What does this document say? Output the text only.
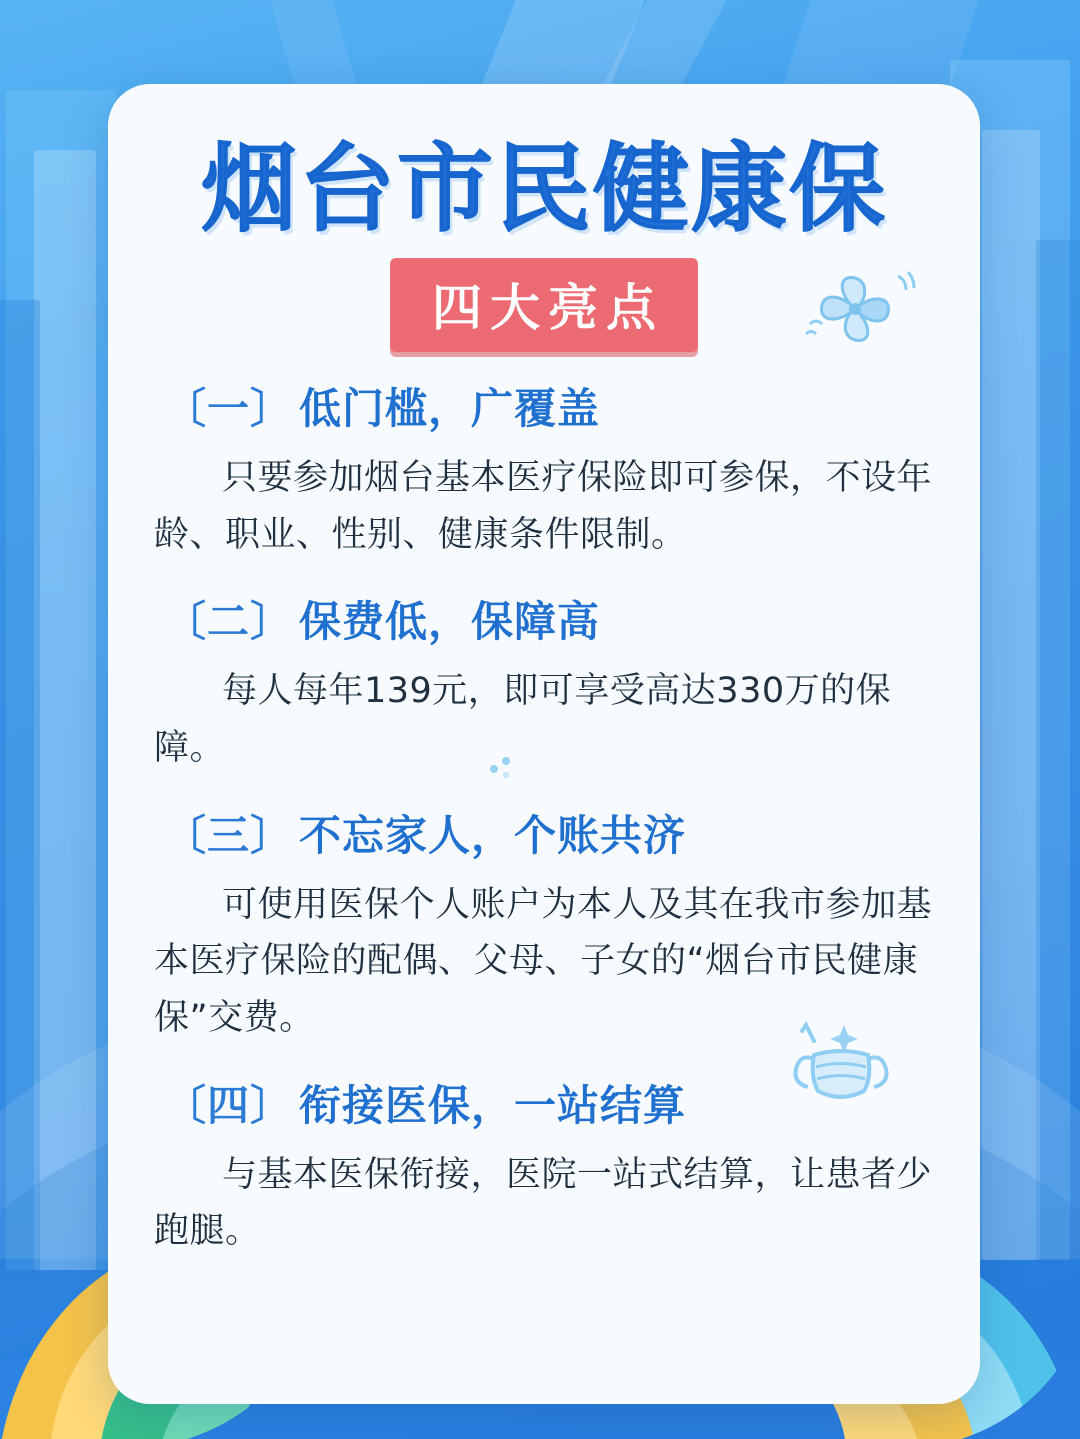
烟台市民健康保
四大亮点
〔一〕 低门槛，广覆盖
只要参加烟台基本医疗保险即可参保，不设年龄、职业、性别、健康条件限制。
〔二〕 保费低，保障高
每人每年139元，即可享受高达330万的保障。
〔三〕 不忘家人，个账共济
可使用医保个人账户为本人及其在我市参加基本医疗保险的配偶、父母、子女的“烟台市民健康保”交费。
〔四〕 衔接医保，一站结算
与基本医保衔接，医院一站式结算，让患者少跑腿。
